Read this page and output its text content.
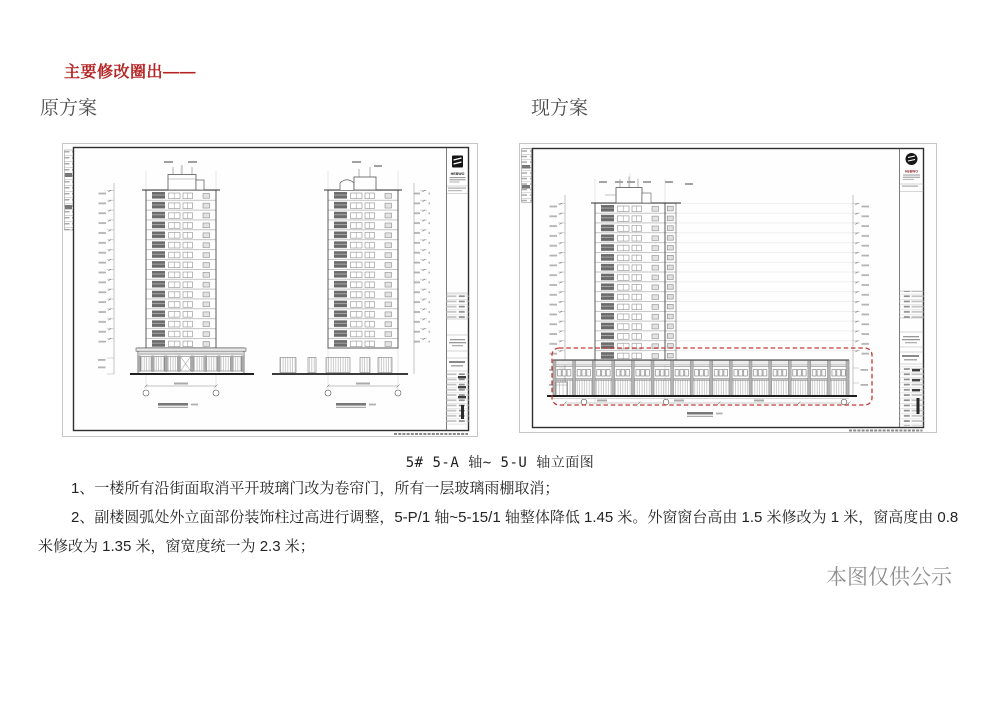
主要修改圈出——
原方案	现方案
HEBWO
HEBWO
5# 5-A 轴~ 5-U 轴立面图

1、一楼所有沿街面取消平开玻璃门改为卷帘门，所有一层玻璃雨棚取消；

2、副楼圆弧处外立面部份装饰柱过高进行调整，5-P/1 轴~5-15/1 轴整体降低 1.45 米。外窗窗台高由 1.5 米修改为 1 米，窗高度由 0.8 米修改为 1.35 米，窗宽度统一为 2.3 米；

本图仅供公示
